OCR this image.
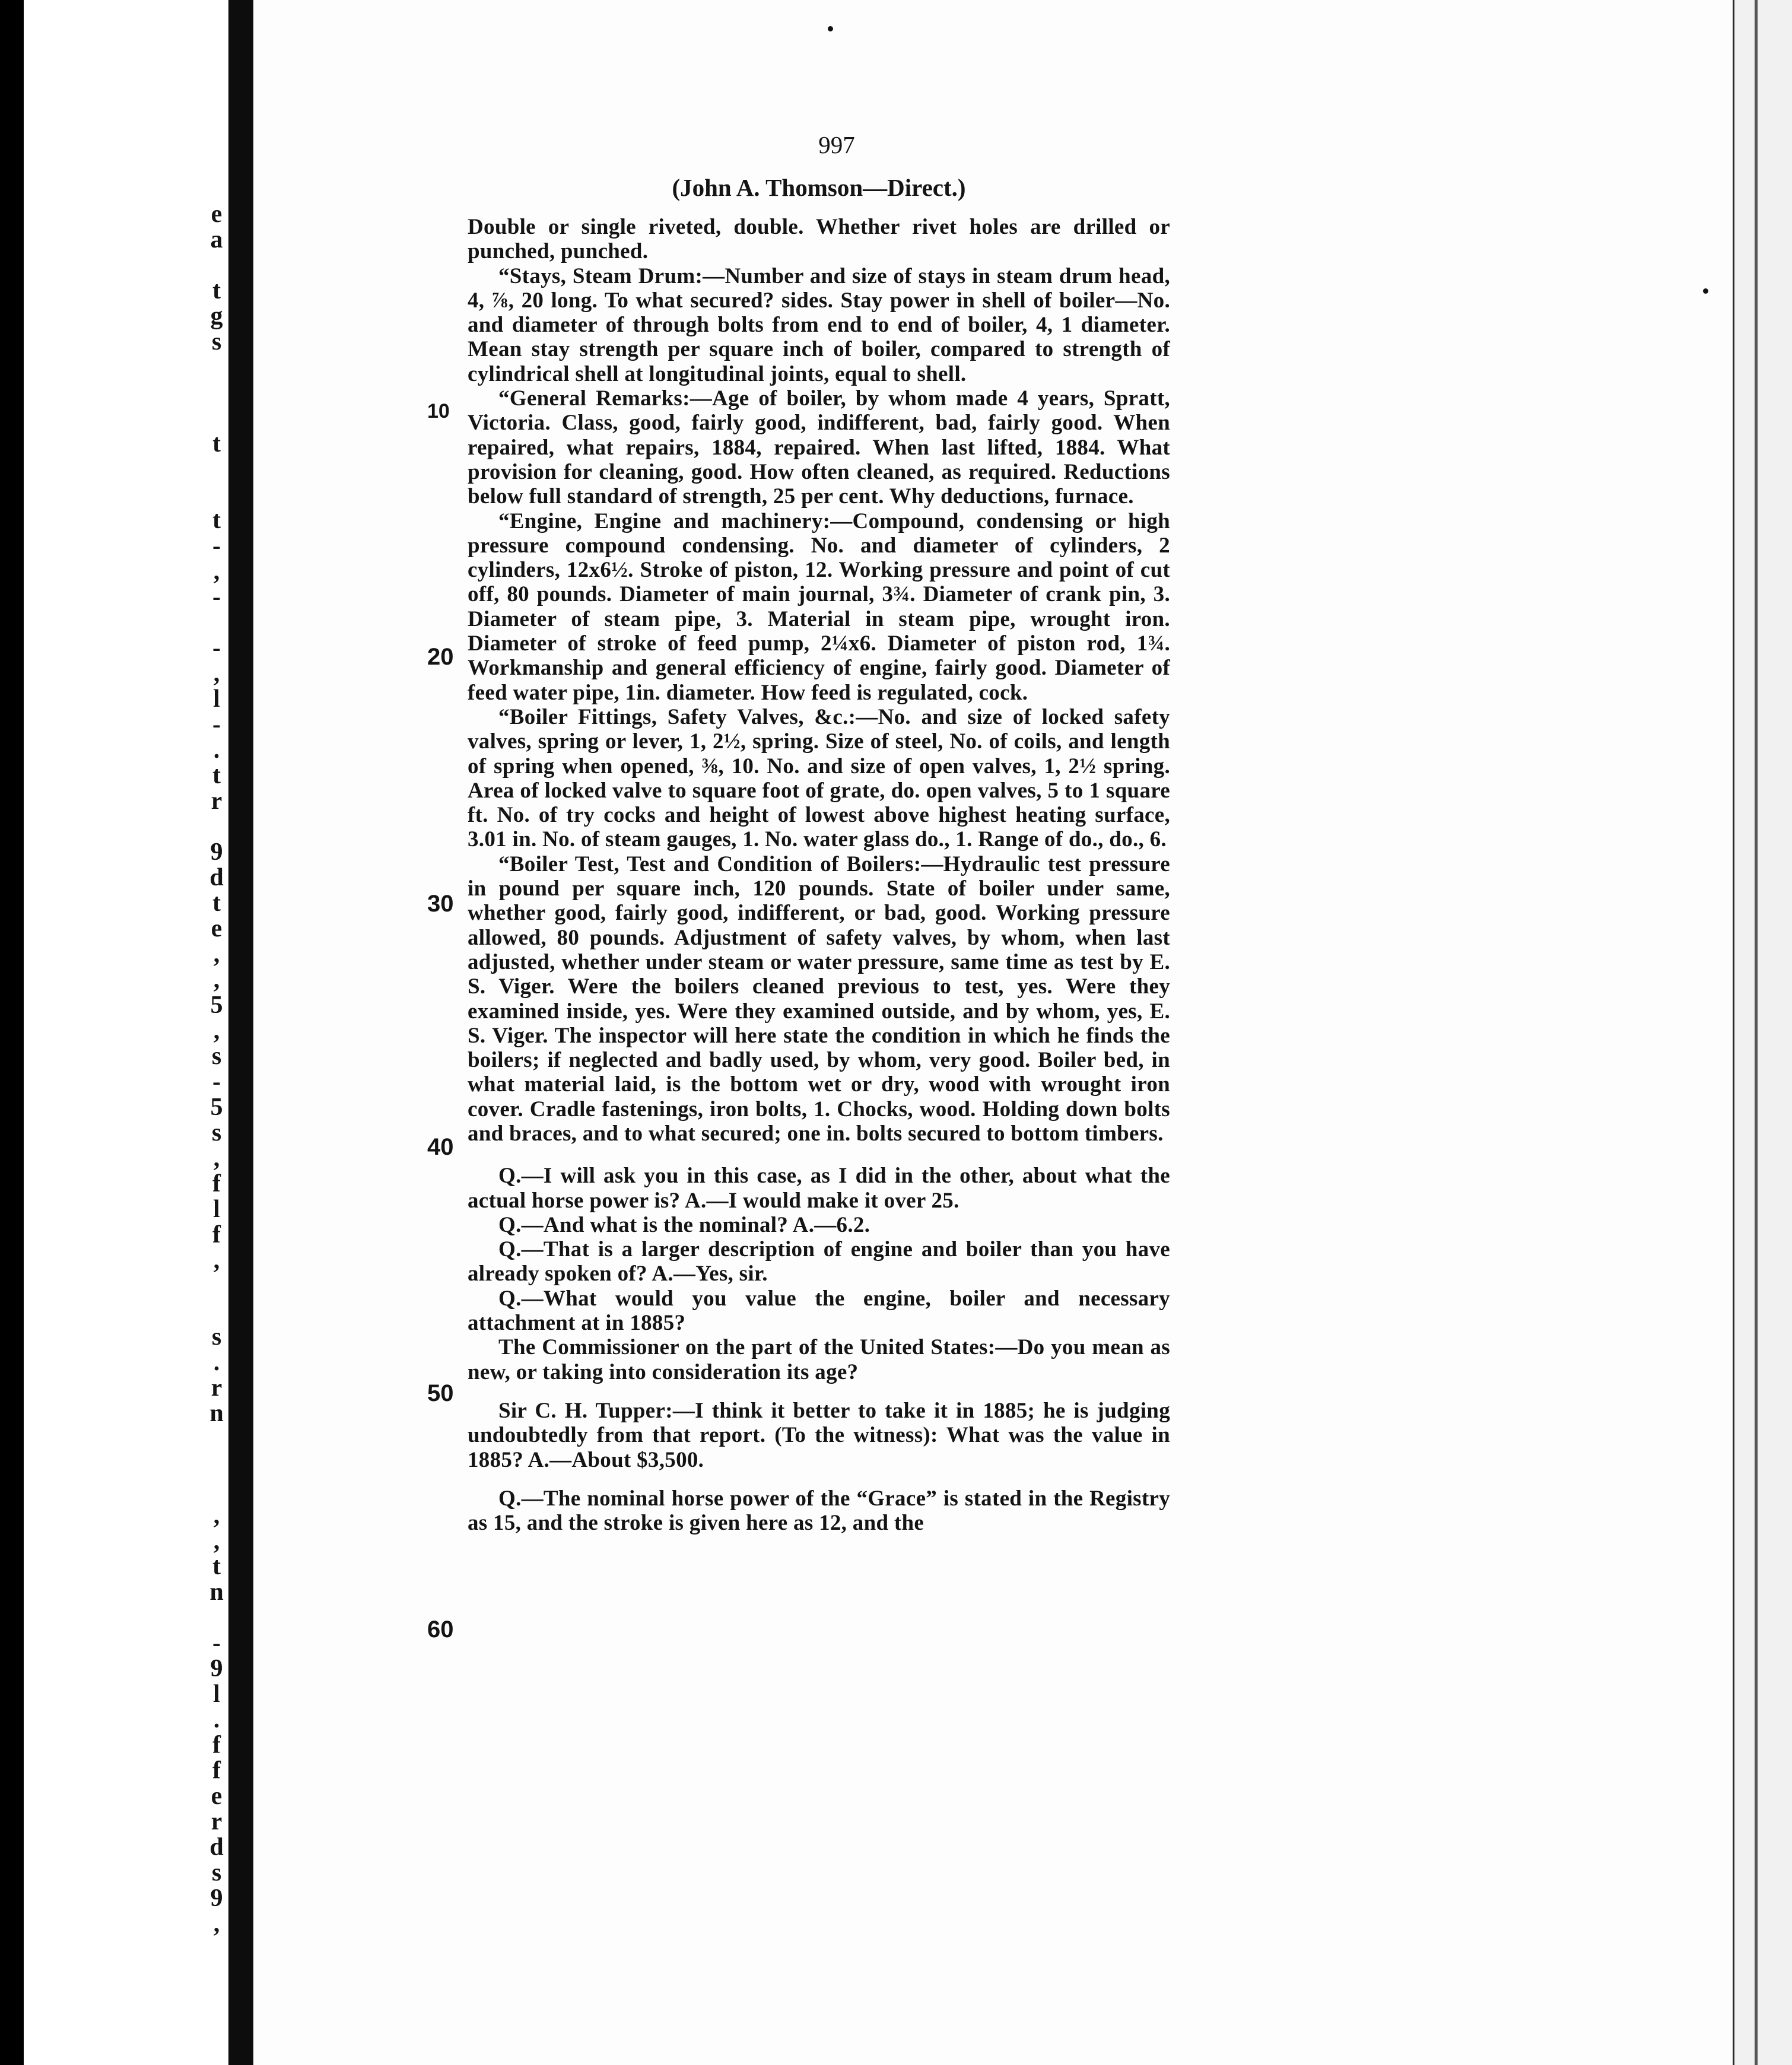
e
a
t
g
s
t
t
-
,
-
-
,
l
-
.
t
r
9
d
t
e
,
,
5
,
s
-
5
s
,
f
l
f
,
s
.
r
n
,
,
t
n
-
9
l
.
f
f
e
r
d
s
9
,
997
(John A. Thomson—Direct.)
10
20
30
40
50
60

Double or single riveted, double. Whether rivet holes are drilled or punched, punched.

“Stays, Steam Drum:—Number and size of stays in steam drum head, 4, ⅞, 20 long. To what secured? sides. Stay power in shell of boiler—No. and diameter of through bolts from end to end of boiler, 4, 1 diameter. Mean stay strength per square inch of boiler, compared to strength of cylindrical shell at longitudinal joints, equal to shell.

“General Remarks:—Age of boiler, by whom made 4 years, Spratt, Victoria. Class, good, fairly good, indifferent, bad, fairly good. When repaired, what repairs, 1884, repaired. When last lifted, 1884. What provision for cleaning, good. How often cleaned, as required. Reductions below full standard of strength, 25 per cent. Why deductions, furnace.

“Engine, Engine and machinery:—Compound, condensing or high pressure compound condensing. No. and diameter of cylinders, 2 cylinders, 12x6½. Stroke of piston, 12. Working pressure and point of cut off, 80 pounds. Diameter of main journal, 3¾. Diameter of crank pin, 3. Diameter of steam pipe, 3. Material in steam pipe, wrought iron. Diameter of stroke of feed pump, 2¼x6. Diameter of piston rod, 1¾. Workmanship and general efficiency of engine, fairly good. Diameter of feed water pipe, 1in. diameter. How feed is regulated, cock.

“Boiler Fittings, Safety Valves, &c.:—No. and size of locked safety valves, spring or lever, 1, 2½, spring. Size of steel, No. of coils, and length of spring when opened, ⅜, 10. No. and size of open valves, 1, 2½ spring. Area of locked valve to square foot of grate, do. open valves, 5 to 1 square ft. No. of try cocks and height of lowest above highest heating surface, 3.01 in. No. of steam gauges, 1. No. water glass do., 1. Range of do., do., 6.

“Boiler Test, Test and Condition of Boilers:—Hydraulic test pressure in pound per square inch, 120 pounds. State of boiler under same, whether good, fairly good, indifferent, or bad, good. Working pressure allowed, 80 pounds. Adjustment of safety valves, by whom, when last adjusted, whether under steam or water pressure, same time as test by E. S. Viger. Were the boilers cleaned previous to test, yes. Were they examined inside, yes. Were they examined outside, and by whom, yes, E. S. Viger. The inspector will here state the condition in which he finds the boilers; if neglected and badly used, by whom, very good. Boiler bed, in what material laid, is the bottom wet or dry, wood with wrought iron cover. Cradle fastenings, iron bolts, 1. Chocks, wood. Holding down bolts and braces, and to what secured; one in. bolts secured to bottom timbers.

Q.—I will ask you in this case, as I did in the other, about what the actual horse power is? A.—I would make it over 25.

Q.—And what is the nominal? A.—6.2.

Q.—That is a larger description of engine and boiler than you have already spoken of? A.—Yes, sir.

Q.—What would you value the engine, boiler and necessary attachment at in 1885?

The Commissioner on the part of the United States:—Do you mean as new, or taking into consideration its age?

Sir C. H. Tupper:—I think it better to take it in 1885; he is judging undoubtedly from that report. (To the witness): What was the value in 1885? A.—About $3,500.

Q.—The nominal horse power of the “Grace” is stated in the Registry as 15, and the stroke is given here as 12, and the
